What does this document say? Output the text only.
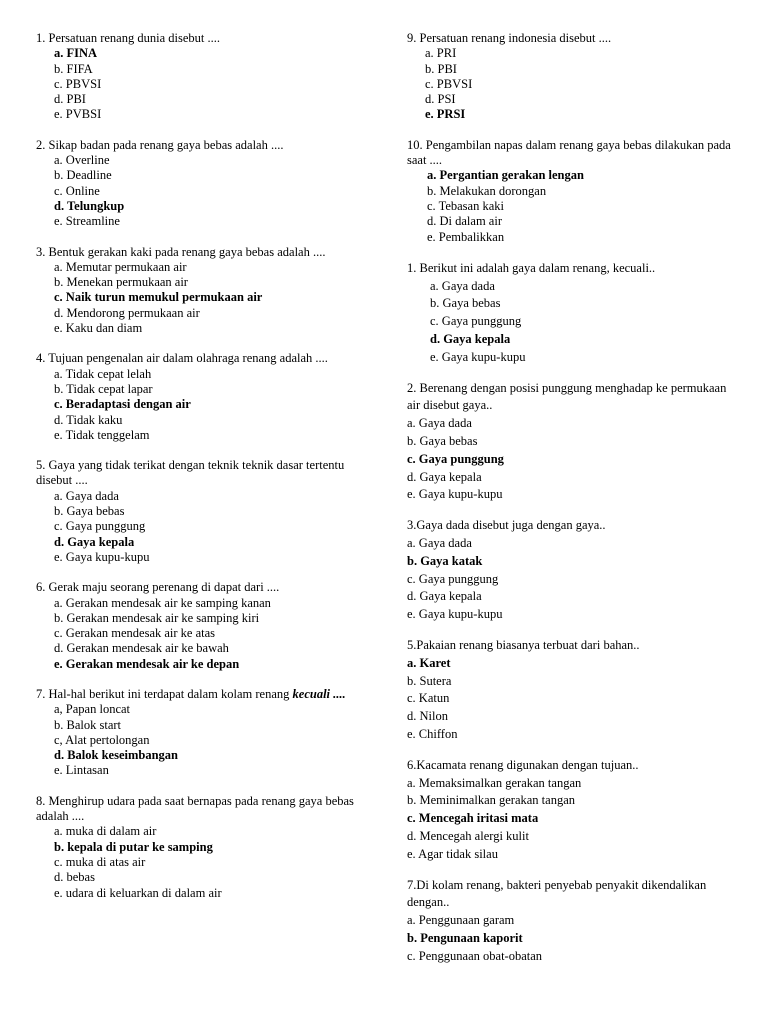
1. Persatuan renang dunia disebut ....
a. FINA
b. FIFA
c. PBVSI
d. PBI
e. PVBSI
2. Sikap badan pada renang gaya bebas adalah ....
a. Overline
b. Deadline
c. Online
d. Telungkup
e. Streamline
3. Bentuk gerakan kaki pada renang gaya bebas adalah ....
a. Memutar permukaan air
b. Menekan permukaan air
c. Naik turun memukul permukaan air
d. Mendorong permukaan air
e. Kaku dan diam
4. Tujuan pengenalan air dalam olahraga renang adalah ....
a. Tidak cepat lelah
b. Tidak cepat lapar
c. Beradaptasi dengan air
d. Tidak kaku
e. Tidak tenggelam
5. Gaya yang tidak terikat dengan teknik teknik dasar tertentu disebut ....
a. Gaya dada
b. Gaya bebas
c. Gaya punggung
d. Gaya kepala
e. Gaya kupu-kupu
6. Gerak maju seorang perenang di dapat dari ....
a. Gerakan mendesak air ke samping kanan
b. Gerakan mendesak air ke samping kiri
c. Gerakan mendesak air ke atas
d. Gerakan mendesak air ke bawah
e. Gerakan mendesak air ke depan
7. Hal-hal berikut ini terdapat dalam kolam renang kecuali ....
a, Papan loncat
b. Balok start
c, Alat pertolongan
d. Balok keseimbangan
e. Lintasan
8. Menghirup udara pada saat bernapas pada renang gaya bebas adalah ....
a. muka di dalam air
b. kepala di putar ke samping
c. muka di atas air
d. bebas
e. udara di keluarkan di dalam air
9. Persatuan renang indonesia disebut ....
a. PRI
b. PBI
c. PBVSI
d. PSI
e. PRSI
10. Pengambilan napas dalam renang gaya bebas dilakukan pada saat ....
a. Pergantian gerakan lengan
b. Melakukan dorongan
c. Tebasan kaki
d. Di dalam air
e. Pembalikkan
1. Berikut ini adalah gaya dalam renang, kecuali..
a. Gaya dada
b. Gaya bebas
c. Gaya punggung
d. Gaya kepala
e. Gaya kupu-kupu
2. Berenang dengan posisi punggung menghadap ke permukaan air disebut gaya..
a. Gaya dada
b. Gaya bebas
c. Gaya punggung
d. Gaya kepala
e. Gaya kupu-kupu
3.Gaya dada disebut juga dengan gaya..
a. Gaya dada
b. Gaya katak
c. Gaya punggung
d. Gaya kepala
e. Gaya kupu-kupu
5.Pakaian renang biasanya terbuat dari bahan..
a. Karet
b. Sutera
c. Katun
d. Nilon
e. Chiffon
6.Kacamata renang digunakan dengan tujuan..
a. Memaksimalkan gerakan tangan
b. Meminimalkan gerakan tangan
c. Mencegah iritasi mata
d. Mencegah alergi kulit
e. Agar tidak silau
7.Di kolam renang, bakteri penyebab penyakit dikendalikan dengan..
a. Penggunaan garam
b. Pengunaan kaporit
c. Penggunaan obat-obatan
